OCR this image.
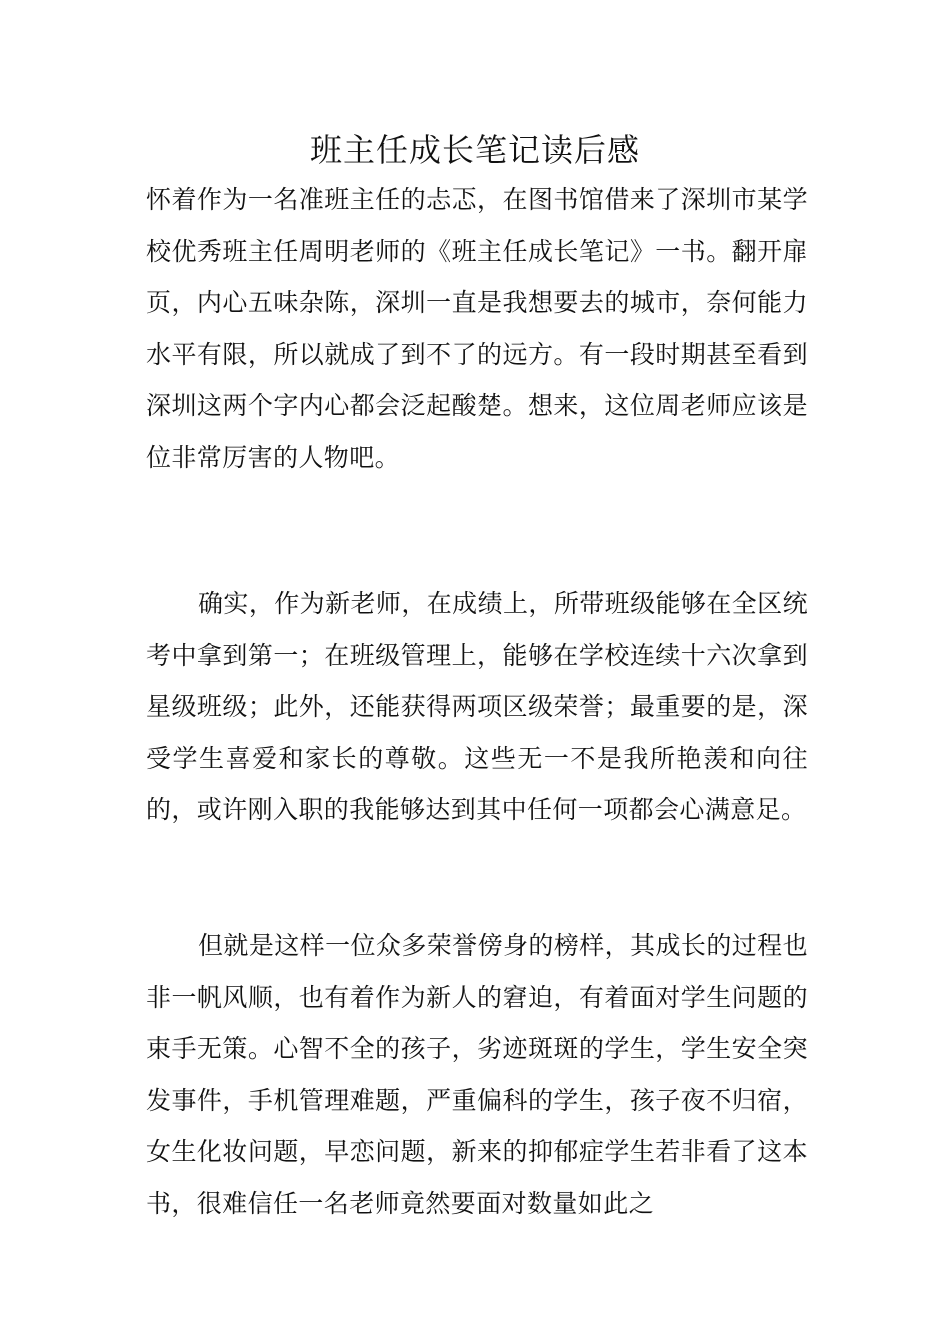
班主任成长笔记读后感

怀着作为一名准班主任的忐忑，在图书馆借来了深圳市某学校优秀班主任周明老师的《班主任成长笔记》一书。翻开扉页，内心五味杂陈，深圳一直是我想要去的城市，奈何能力水平有限，所以就成了到不了的远方。有一段时期甚至看到深圳这两个字内心都会泛起酸楚。想来，这位周老师应该是位非常厉害的人物吧。

确实，作为新老师，在成绩上，所带班级能够在全区统考中拿到第一；在班级管理上，能够在学校连续十六次拿到星级班级；此外，还能获得两项区级荣誉；最重要的是，深受学生喜爱和家长的尊敬。这些无一不是我所艳羡和向往的，或许刚入职的我能够达到其中任何一项都会心满意足。

但就是这样一位众多荣誉傍身的榜样，其成长的过程也非一帆风顺，也有着作为新人的窘迫，有着面对学生问题的束手无策。心智不全的孩子，劣迹斑斑的学生，学生安全突发事件，手机管理难题，严重偏科的学生，孩子夜不归宿，女生化妆问题，早恋问题，新来的抑郁症学生若非看了这本书，很难信任一名老师竟然要面对数量如此之
